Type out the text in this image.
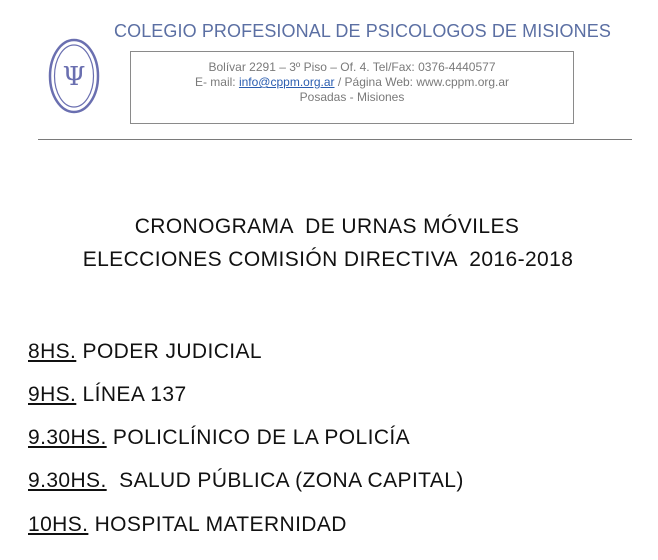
Ψ
COLEGIO PROFESIONAL DE PSICOLOGOS DE MISIONES
Bolívar 2291 – 3º Piso – Of. 4. Tel/Fax: 0376-4440577
E- mail: info@cppm.org.ar / Página Web: www.cppm.org.ar
Posadas - Misiones
CRONOGRAMA  DE URNAS MÓVILES
ELECCIONES COMISIÓN DIRECTIVA  2016-2018
8HS. PODER JUDICIAL
9HS. LÍNEA 137
9.30HS. POLICLÍNICO DE LA POLICÍA
9.30HS.  SALUD PÚBLICA (ZONA CAPITAL)
10HS. HOSPITAL MATERNIDAD
